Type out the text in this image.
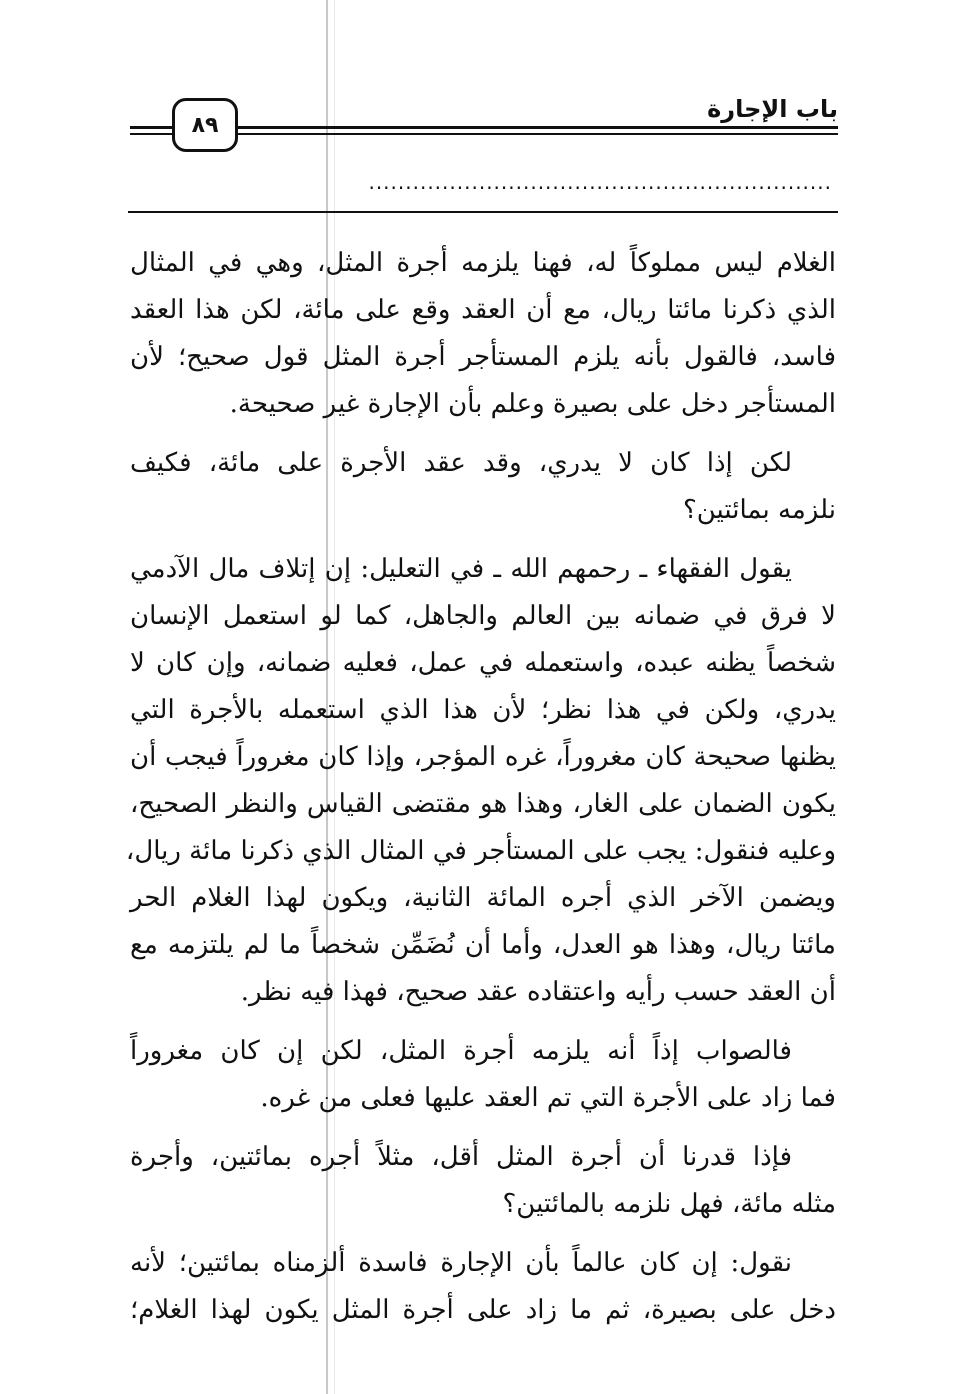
٨٩
باب الإجارة
...............................................................

الغلام ليس مملوكاً له، فهنا يلزمه أجرة المثل، وهي في المثال
الذي ذكرنا مائتا ريال، مع أن العقد وقع على مائة، لكن هذا العقد
فاسد، فالقول بأنه يلزم المستأجر أجرة المثل قول صحيح؛ لأن
المستأجر دخل على بصيرة وعلم بأن الإجارة غير صحيحة.

لكن إذا كان لا يدري، وقد عقد الأجرة على مائة، فكيف
نلزمه بمائتين؟

يقول الفقهاء ـ رحمهم الله ـ في التعليل: إن إتلاف مال الآدمي
لا فرق في ضمانه بين العالم والجاهل، كما لو استعمل الإنسان
شخصاً يظنه عبده، واستعمله في عمل، فعليه ضمانه، وإن كان لا
يدري، ولكن في هذا نظر؛ لأن هذا الذي استعمله بالأجرة التي
يظنها صحيحة كان مغروراً، غره المؤجر، وإذا كان مغروراً فيجب أن
يكون الضمان على الغار، وهذا هو مقتضى القياس والنظر الصحيح،
وعليه فنقول: يجب على المستأجر في المثال الذي ذكرنا مائة ريال،
ويضمن الآخر الذي أجره المائة الثانية، ويكون لهذا الغلام الحر
مائتا ريال، وهذا هو العدل، وأما أن نُضَمِّن شخصاً ما لم يلتزمه مع
أن العقد حسب رأيه واعتقاده عقد صحيح، فهذا فيه نظر.

فالصواب إذاً أنه يلزمه أجرة المثل، لكن إن كان مغروراً
فما زاد على الأجرة التي تم العقد عليها فعلى من غره.

فإذا قدرنا أن أجرة المثل أقل، مثلاً أجره بمائتين، وأجرة
مثله مائة، فهل نلزمه بالمائتين؟

نقول: إن كان عالماً بأن الإجارة فاسدة ألزمناه بمائتين؛ لأنه
دخل على بصيرة، ثم ما زاد على أجرة المثل يكون لهذا الغلام؛
